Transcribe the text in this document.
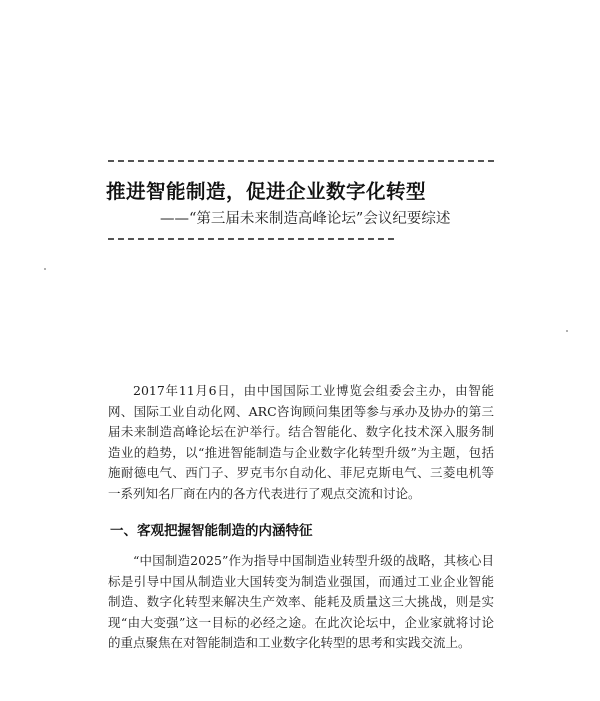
推进智能制造，促进企业数字化转型
——“第三届未来制造高峰论坛”会议纪要综述

2017年11月6日，由中国国际工业博览会组委会主办，由智能网、国际工业自动化网、ARC咨询顾问集团等参与承办及协办的第三届未来制造高峰论坛在沪举行。结合智能化、数字化技术深入服务制造业的趋势，以“推进智能制造与企业数字化转型升级”为主题，包括施耐德电气、西门子、罗克韦尔自动化、菲尼克斯电气、三菱电机等一系列知名厂商在内的各方代表进行了观点交流和讨论。

一、客观把握智能制造的内涵特征

“中国制造2025”作为指导中国制造业转型升级的战略，其核心目标是引导中国从制造业大国转变为制造业强国，而通过工业企业智能制造、数字化转型来解决生产效率、能耗及质量这三大挑战，则是实现“由大变强”这一目标的必经之途。在此次论坛中，企业家就将讨论的重点聚焦在对智能制造和工业数字化转型的思考和实践交流上。
